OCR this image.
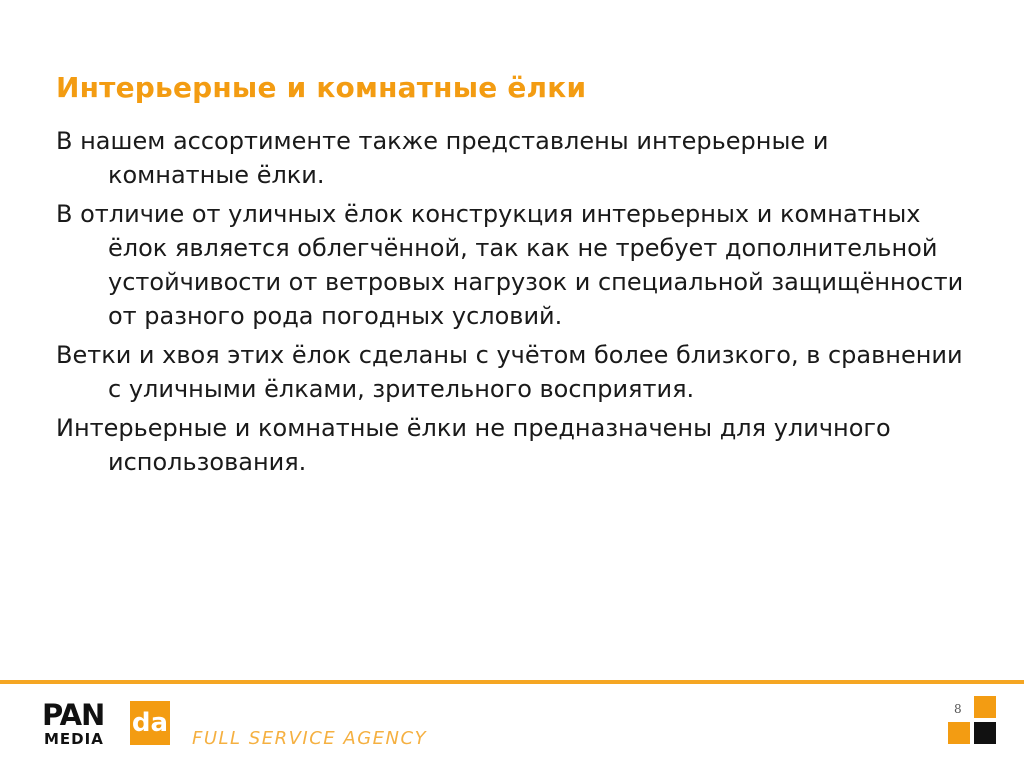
Интерьерные и комнатные ёлки

В нашем ассортименте также представлены интерьерные и комнатные ёлки.

В отличие от уличных ёлок конструкция интерьерных и комнатных ёлок является облегчённой, так как не требует дополнительной устойчивости от ветровых нагрузок и специальной защищённости от разного рода погодных условий.

Ветки и хвоя этих ёлок сделаны с учётом более близкого, в сравнении с уличными ёлками, зрительного восприятия.

Интерьерные и комнатные ёлки не предназначены для уличного использования.

PAN da
MEDIA	FULL SERVICE AGENCY
8
